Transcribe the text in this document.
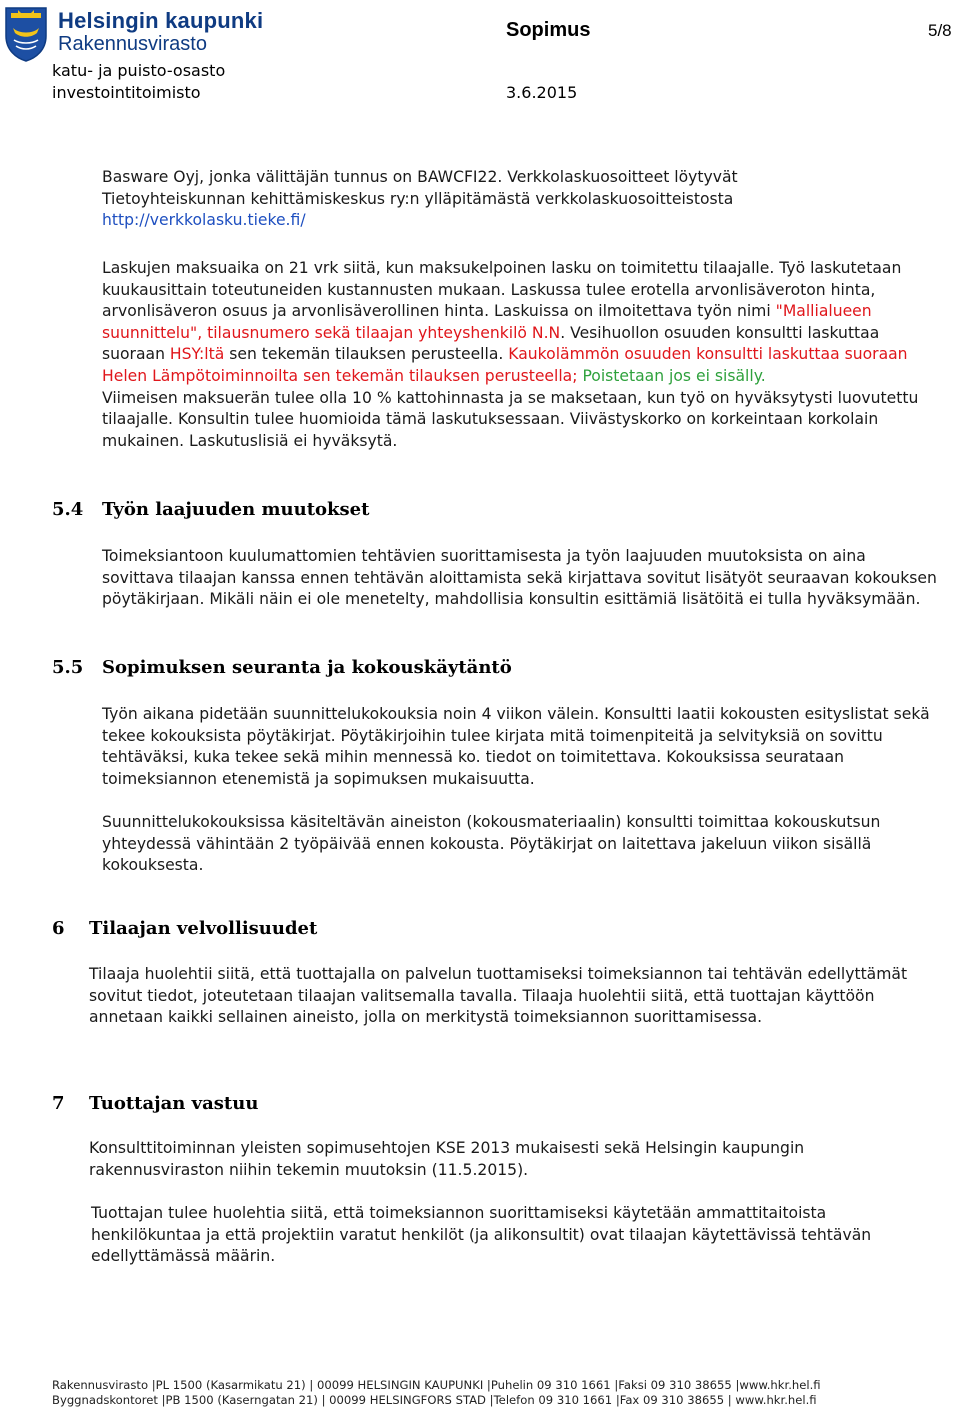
Helsingin kaupunki
Rakennusvirasto
Sopimus	5/8
katu- ja puisto-osasto
investointitoimisto	3.6.2015
Basware Oyj, jonka välittäjän tunnus on BAWCFI22. Verkkolaskuosoitteet löytyvät
Tietoyhteiskunnan kehittämiskeskus ry:n ylläpitämästä verkkolaskuosoitteistosta
http://verkkolasku.tieke.fi/
Laskujen maksuaika on 21 vrk siitä, kun maksukelpoinen lasku on toimitettu tilaajalle. Työ laskutetaan kuukausittain toteutuneiden kustannusten mukaan. Laskussa tulee erotella arvonlisäveroton hinta, arvonlisäveron osuus ja arvonlisäverollinen hinta. Laskuissa on ilmoitettava työn nimi "Mallialueen suunnittelu", tilausnumero sekä tilaajan yhteyshenkilö N.N. Vesihuollon osuuden konsultti laskuttaa suoraan HSY:ltä sen tekemän tilauksen perusteella. Kaukolämmön osuuden konsultti laskuttaa suoraan Helen Lämpötoiminnoilta sen tekemän tilauksen perusteella; Poistetaan jos ei sisälly.
Viimeisen maksuerän tulee olla 10 % kattohinnasta ja se maksetaan, kun työ on hyväksytysti luovutettu tilaajalle. Konsultin tulee huomioida tämä laskutuksessaan. Viivästyskorko on korkeintaan korkolain mukainen. Laskutuslisiä ei hyväksytä.
5.4 Työn laajuuden muutokset
Toimeksiantoon kuulumattomien tehtävien suorittamisesta ja työn laajuuden muutoksista on aina sovittava tilaajan kanssa ennen tehtävän aloittamista sekä kirjattava sovitut lisätyöt seuraavan kokouksen pöytäkirjaan. Mikäli näin ei ole menetelty, mahdollisia konsultin esittämiä lisätöitä ei tulla hyväksymään.
5.5 Sopimuksen seuranta ja kokouskäytäntö
Työn aikana pidetään suunnittelukokouksia noin 4 viikon välein. Konsultti laatii kokousten esityslistat sekä tekee kokouksista pöytäkirjat. Pöytäkirjoihin tulee kirjata mitä toimenpiteitä ja selvityksiä on sovittu tehtäväksi, kuka tekee sekä mihin mennessä ko. tiedot on toimitettava. Kokouksissa seurataan toimeksiannon etenemistä ja sopimuksen mukaisuutta.
Suunnittelukokouksissa käsiteltävän aineiston (kokousmateriaalin) konsultti toimittaa kokouskutsun yhteydessä vähintään 2 työpäivää ennen kokousta. Pöytäkirjat on laitettava jakeluun viikon sisällä kokouksesta.
6 Tilaajan velvollisuudet
Tilaaja huolehtii siitä, että tuottajalla on palvelun tuottamiseksi toimeksiannon tai tehtävän edellyttämät sovitut tiedot, joteutetaan tilaajan valitsemalla tavalla. Tilaaja huolehtii siitä, että tuottajan käyttöön annetaan kaikki sellainen aineisto, jolla on merkitystä toimeksiannon suorittamisessa.
7 Tuottajan vastuu
Konsulttitoiminnan yleisten sopimusehtojen KSE 2013 mukaisesti sekä Helsingin kaupungin rakennusviraston niihin tekemin muutoksin (11.5.2015).
Tuottajan tulee huolehtia siitä, että toimeksiannon suorittamiseksi käytetään ammattitaitoista henkilökuntaa ja että projektiin varatut henkilöt (ja alikonsultit) ovat tilaajan käytettävissä tehtävän edellyttämässä määrin.
Rakennusvirasto |PL 1500 (Kasarmikatu 21) | 00099 HELSINGIN KAUPUNKI |Puhelin 09 310 1661 |Faksi 09 310 38655 |www.hkr.hel.fi
Byggnadskontoret |PB 1500 (Kaserngatan 21) | 00099 HELSINGFORS STAD |Telefon 09 310 1661 |Fax 09 310 38655 | www.hkr.hel.fi
